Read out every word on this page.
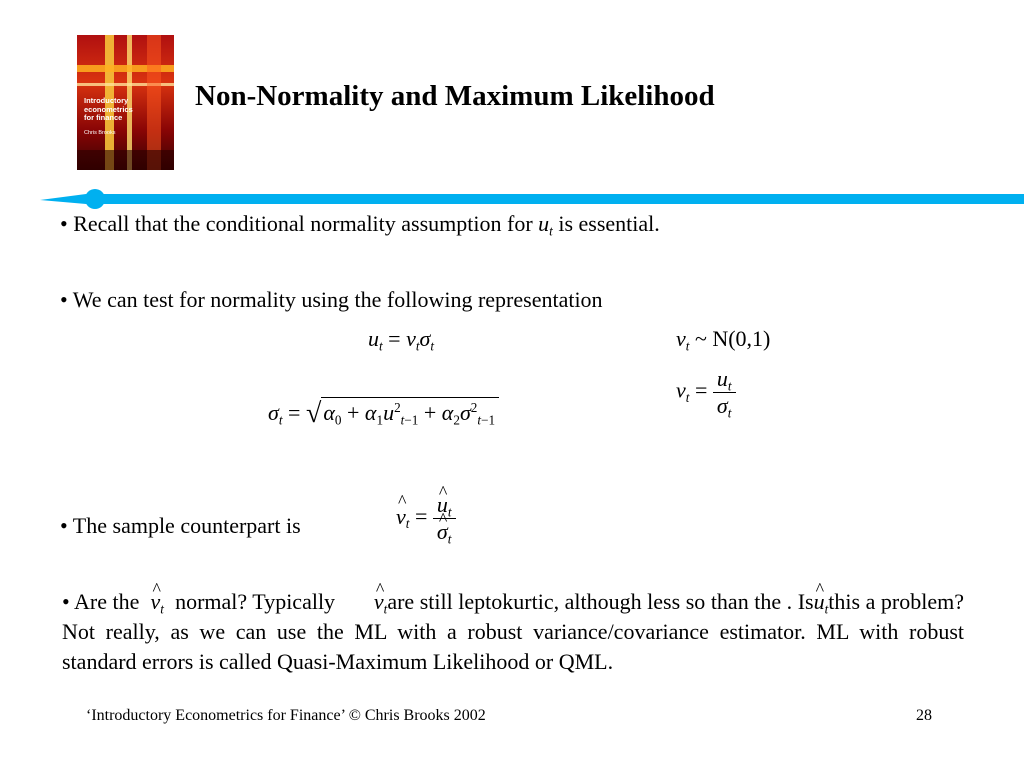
Introductory
econometrics
for finance
Chris Brooks
Non-Normality and Maximum Likelihood
• Recall that the conditional normality assumption for $u_t$ is essential.
• We can test for normality using the following representation
$u_t = v_t\sigma_t$	$v_t$ ~ N(0,1)
$\sigma_t = √\alpha_0 + \alpha_1u^2_{t-1} + \alpha_2\sigma^2_{t-1}$
$v_t = \frac{u_t}{\sigma_t}$
• The sample counterpart is	^ $v_t$ = ^ $u_t$
^ $\sigma_t$
• Are the ^ $v_t$ normal? Typically ^ $v_tare$ still leptokurtic, although less so than the . Is^ $u_tthis$ a problem? Not really, as we can use the ML with a robust variance/covariance estimator. ML with robust standard errors is called Quasi-Maximum Likelihood or QML.
‘Introductory Econometrics for Finance’ © Chris Brooks 2002	28
